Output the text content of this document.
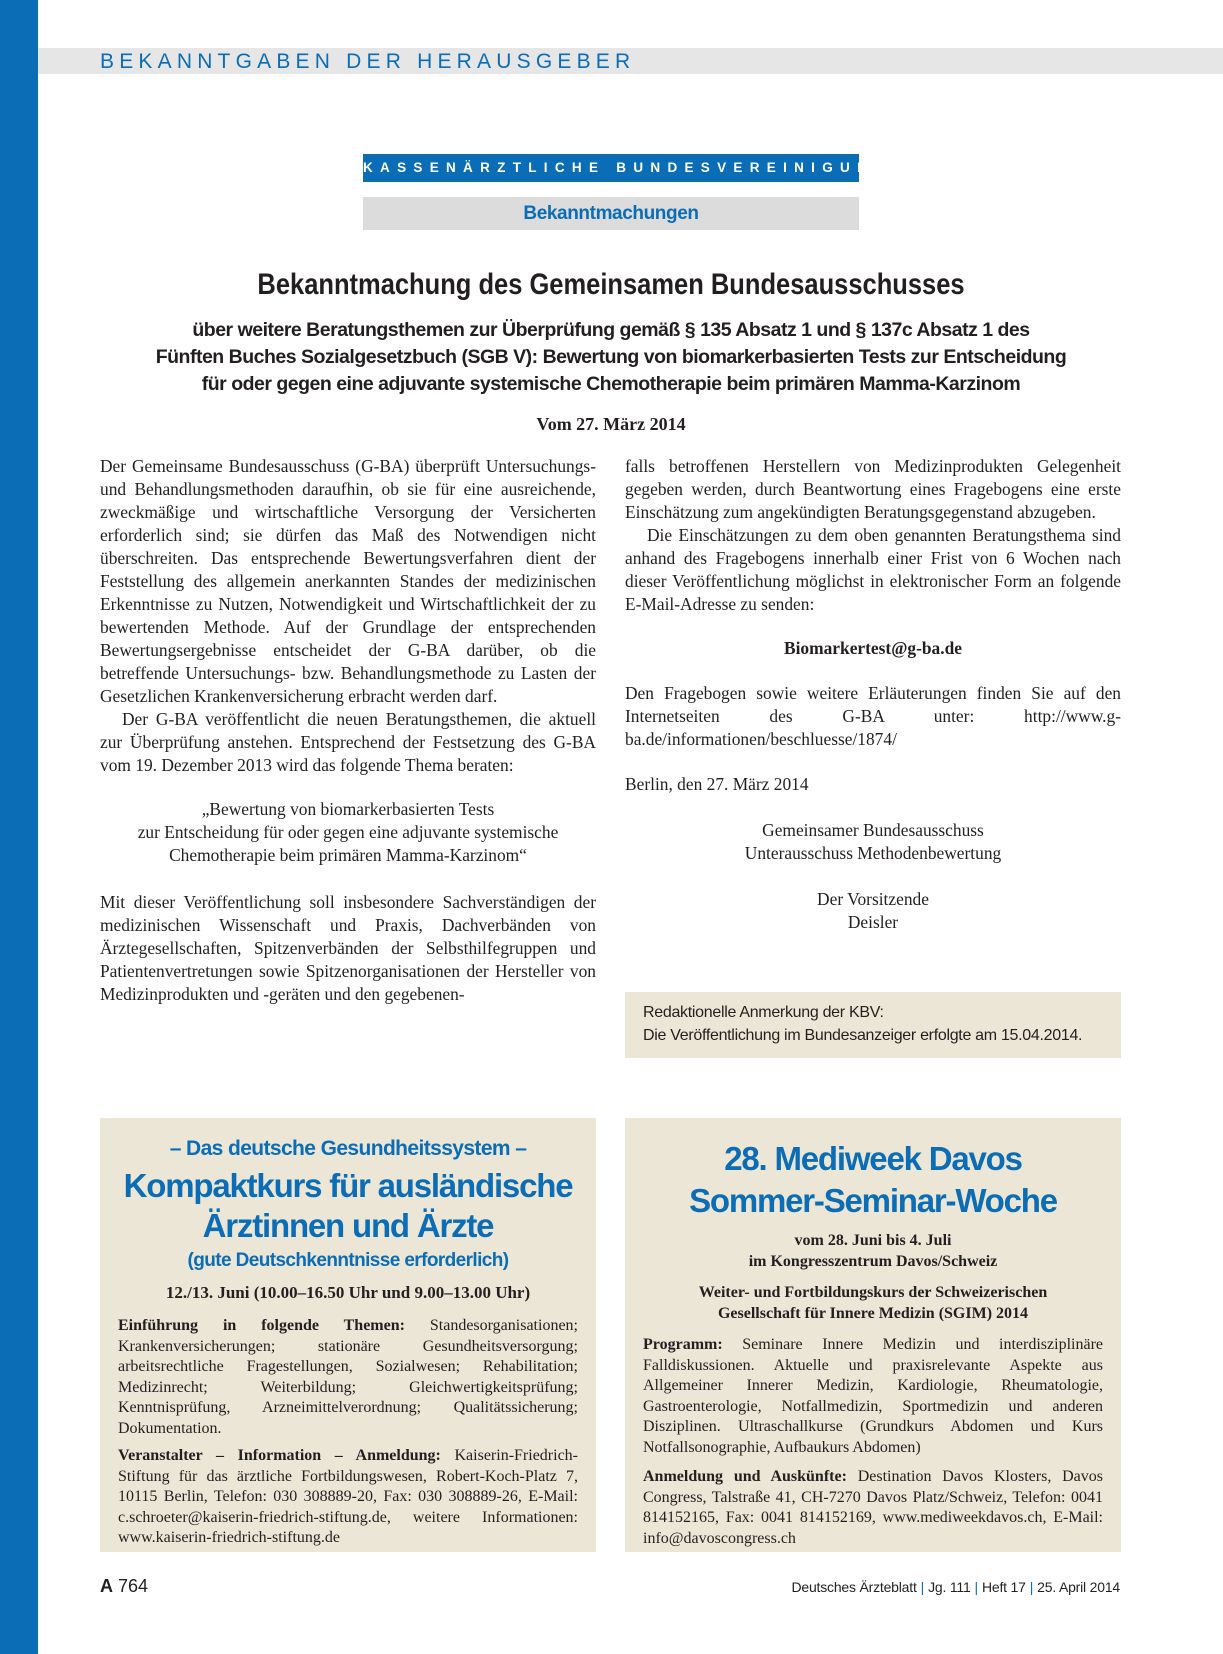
BEKANNTGABEN DER HERAUSGEBER
KASSENÄRZTLICHE BUNDESVEREINIGUNG
Bekanntmachungen
Bekanntmachung des Gemeinsamen Bundesausschusses
über weitere Beratungsthemen zur Überprüfung gemäß § 135 Absatz 1 und § 137c Absatz 1 des
Fünften Buches Sozialgesetzbuch (SGB V): Bewertung von biomarkerbasierten Tests zur Entscheidung
für oder gegen eine adjuvante systemische Chemotherapie beim primären Mamma-Karzinom
Vom 27. März 2014

Der Gemeinsame Bundesausschuss (G-BA) überprüft Untersuchungs- und Behandlungsmethoden daraufhin, ob sie für eine ausreichende, zweckmäßige und wirtschaftliche Versorgung der Versicherten erforderlich sind; sie dürfen das Maß des Notwendigen nicht überschreiten. Das entsprechende Bewertungsverfahren dient der Feststellung des allgemein anerkannten Standes der medizinischen Erkenntnisse zu Nutzen, Notwendigkeit und Wirtschaftlichkeit der zu bewertenden Methode. Auf der Grundlage der entsprechenden Bewertungsergebnisse entscheidet der G-BA darüber, ob die betreffende Untersuchungs- bzw. Behandlungsmethode zu Lasten der Gesetzlichen Krankenversicherung erbracht werden darf.

Der G-BA veröffentlicht die neuen Beratungsthemen, die aktuell zur Überprüfung anstehen. Entsprechend der Festsetzung des G-BA vom 19. Dezember 2013 wird das folgende Thema beraten:

„Bewertung von biomarkerbasierten Tests
zur Entscheidung für oder gegen eine adjuvante systemische
Chemotherapie beim primären Mamma-Karzinom“

Mit dieser Veröffentlichung soll insbesondere Sachverständigen der medizinischen Wissenschaft und Praxis, Dachverbänden von Ärztegesellschaften, Spitzenverbänden der Selbsthilfegruppen und Patientenvertretungen sowie Spitzenorganisationen der Hersteller von Medizinprodukten und -geräten und den gegebenen-

falls betroffenen Herstellern von Medizinprodukten Gelegenheit gegeben werden, durch Beantwortung eines Fragebogens eine erste Einschätzung zum angekündigten Beratungsgegenstand abzugeben.

Die Einschätzungen zu dem oben genannten Beratungsthema sind anhand des Fragebogens innerhalb einer Frist von 6 Wochen nach dieser Veröffentlichung möglichst in elektronischer Form an folgende E-Mail-Adresse zu senden:

Biomarkertest@g-ba.de

Den Fragebogen sowie weitere Erläuterungen finden Sie auf den Internetseiten des G-BA unter: http://www.g-ba.de/informationen/beschluesse/1874/

Berlin, den 27. März 2014

Gemeinsamer Bundesausschuss
Unterausschuss Methodenbewertung
Der Vorsitzende
Deisler
Redaktionelle Anmerkung der KBV:
Die Veröffentlichung im Bundesanzeiger erfolgte am 15.04.2014.
– Das deutsche Gesundheitssystem –
Kompaktkurs für ausländische
Ärztinnen und Ärzte
(gute Deutschkenntnisse erforderlich)
12./13. Juni (10.00–16.50 Uhr und 9.00–13.00 Uhr)

Einführung in folgende Themen: Standesorganisationen; Krankenversicherungen; stationäre Gesundheitsversorgung; arbeitsrechtliche Fragestellungen, Sozialwesen; Rehabilitation; Medizinrecht; Weiterbildung; Gleichwertigkeitsprüfung; Kenntnisprüfung, Arzneimittelverordnung; Qualitätssicherung; Dokumentation.

Veranstalter – Information – Anmeldung: Kaiserin-Friedrich-Stiftung für das ärztliche Fortbildungswesen, Robert-Koch-Platz 7, 10115 Berlin, Telefon: 030 308889-20, Fax: 030 308889-26, E-Mail: c.schroeter@kaiserin-friedrich-stiftung.de, weitere Informationen: www.kaiserin-friedrich-stiftung.de

28. Mediweek Davos
Sommer-Seminar-Woche
vom 28. Juni bis 4. Juli
im Kongresszentrum Davos/Schweiz
Weiter- und Fortbildungskurs der Schweizerischen
Gesellschaft für Innere Medizin (SGIM) 2014

Programm: Seminare Innere Medizin und interdisziplinäre Falldiskussionen. Aktuelle und praxisrelevante Aspekte aus Allgemeiner Innerer Medizin, Kardiologie, Rheumatologie, Gastroenterologie, Notfallmedizin, Sportmedizin und anderen Disziplinen. Ultraschallkurse (Grundkurs Abdomen und Kurs Notfallsonographie, Aufbaukurs Abdomen)

Anmeldung und Auskünfte: Destination Davos Klosters, Davos Congress, Talstraße 41, CH-7270 Davos Platz/Schweiz, Telefon: 0041 814152165, Fax: 0041 814152169, www.mediweekdavos.ch, E-Mail: info@davoscongress.ch

A 764	Deutsches Ärzteblatt | Jg. 111 | Heft 17 | 25. April 2014
